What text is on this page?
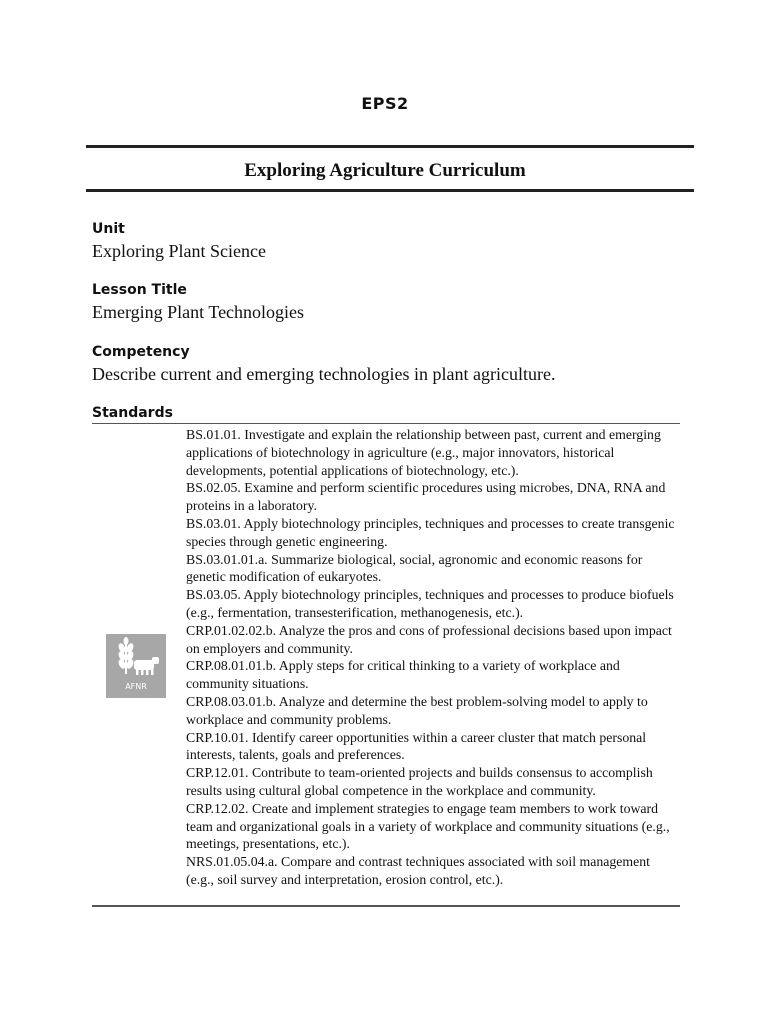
EPS2
Exploring Agriculture Curriculum
Unit
Exploring Plant Science
Lesson Title
Emerging Plant Technologies
Competency
Describe current and emerging technologies in plant agriculture.
Standards
AFNR
BS.01.01. Investigate and explain the relationship between past, current and emerging applications of biotechnology in agriculture (e.g., major innovators, historical developments, potential applications of biotechnology, etc.).
BS.02.05. Examine and perform scientific procedures using microbes, DNA, RNA and proteins in a laboratory.
BS.03.01. Apply biotechnology principles, techniques and processes to create transgenic species through genetic engineering.
BS.03.01.01.a. Summarize biological, social, agronomic and economic reasons for genetic modification of eukaryotes.
BS.03.05. Apply biotechnology principles, techniques and processes to produce biofuels (e.g., fermentation, transesterification, methanogenesis, etc.).
CRP.01.02.02.b. Analyze the pros and cons of professional decisions based upon impact on employers and community.
CRP.08.01.01.b. Apply steps for critical thinking to a variety of workplace and community situations.
CRP.08.03.01.b. Analyze and determine the best problem-solving model to apply to workplace and community problems.
CRP.10.01. Identify career opportunities within a career cluster that match personal interests, talents, goals and preferences.
CRP.12.01. Contribute to team-oriented projects and builds consensus to accomplish results using cultural global competence in the workplace and community.
CRP.12.02. Create and implement strategies to engage team members to work toward team and organizational goals in a variety of workplace and community situations (e.g., meetings, presentations, etc.).
NRS.01.05.04.a. Compare and contrast techniques associated with soil management (e.g., soil survey and interpretation, erosion control, etc.).
